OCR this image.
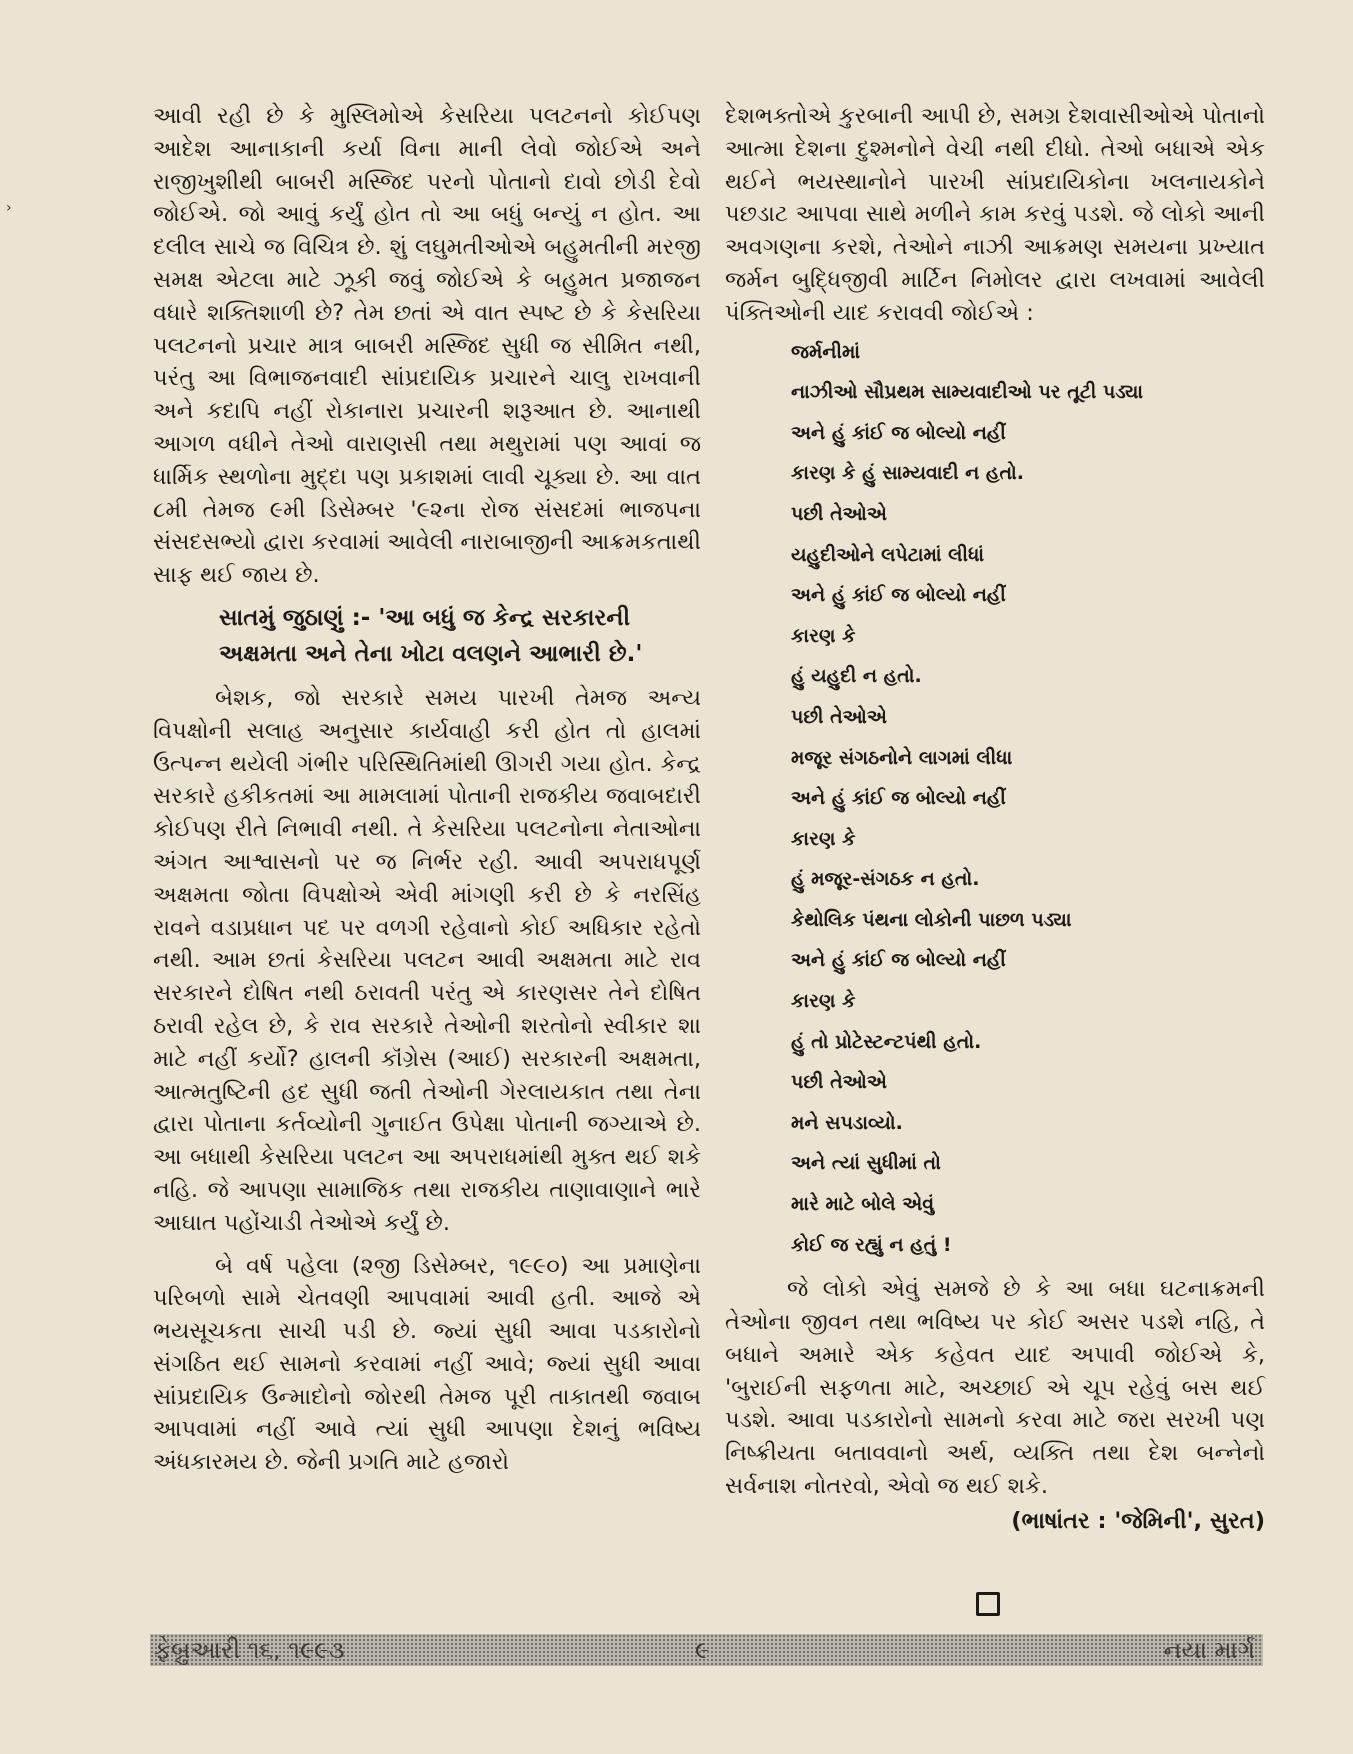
›

આવી રહી છે કે મુસ્લિમોએ કેસરિયા પલટનનો કોઈપણ આદેશ આનાકાની કર્યા વિના માની લેવો જોઈએ અને રાજીખુશીથી બાબરી મસ્જિદ પરનો પોતાનો દાવો છોડી દેવો જોઈએ. જો આવું કર્યું હોત તો આ બધું બન્યું ન હોત. આ દલીલ સાચે જ વિચિત્ર છે. શું લઘુમતીઓએ બહુમતીની મરજી સમક્ષ એટલા માટે ઝૂકી જવું જોઈએ કે બહુમત પ્રજાજન વધારે શક્તિશાળી છે? તેમ છતાં એ વાત સ્પષ્ટ છે કે કેસરિયા પલટનનો પ્રચાર માત્ર બાબરી મસ્જિદ સુધી જ સીમિત નથી, પરંતુ આ વિભાજનવાદી સાંપ્રદાયિક પ્રચારને ચાલુ રાખવાની અને કદાપિ નહીં રોકાનારા પ્રચારની શરૂઆત છે. આનાથી આગળ વધીને તેઓ વારાણસી તથા મથુરામાં પણ આવાં જ ધાર્મિક સ્થળોના મુદ્દા પણ પ્રકાશમાં લાવી ચૂક્યા છે. આ વાત ૮મી તેમજ ૯મી ડિસેમ્બર '૯૨ના રોજ સંસદમાં ભાજપના સંસદસભ્યો દ્વારા કરવામાં આવેલી નારાબાજીની આક્રમકતાથી સાફ થઈ જાય છે.

સાતમું જુઠાણું :- 'આ બધું જ કેન્દ્ર સરકારની
અક્ષમતા અને તેના ખોટા વલણને આભારી છે.'

બેશક, જો સરકારે સમય પારખી તેમજ અન્ય વિપક્ષોની સલાહ અનુસાર કાર્યવાહી કરી હોત તો હાલમાં ઉત્પન્ન થયેલી ગંભીર પરિસ્થિતિમાંથી ઊગરી ગયા હોત. કેન્દ્ર સરકારે હકીકતમાં આ મામલામાં પોતાની રાજકીય જવાબદારી કોઈપણ રીતે નિભાવી નથી. તે કેસરિયા પલટનોના નેતાઓના અંગત આશ્વાસનો પર જ નિર્ભર રહી. આવી અપરાધપૂર્ણ અક્ષમતા જોતા વિપક્ષોએ એવી માંગણી કરી છે કે નરસિંહ રાવને વડાપ્રધાન પદ પર વળગી રહેવાનો કોઈ અધિકાર રહેતો નથી. આમ છતાં કેસરિયા પલટન આવી અક્ષમતા માટે રાવ સરકારને દોષિત નથી ઠરાવતી પરંતુ એ કારણસર તેને દોષિત ઠરાવી રહેલ છે, કે રાવ સરકારે તેઓની શરતોનો સ્વીકાર શા માટે નહીં કર્યો? હાલની કૉંગ્રેસ (આઈ) સરકારની અક્ષમતા, આત્મતુષ્ટિની હદ સુધી જતી તેઓની ગેરલાયકાત તથા તેના દ્વારા પોતાના કર્તવ્યોની ગુનાઈત ઉપેક્ષા પોતાની જગ્યાએ છે. આ બધાથી કેસરિયા પલટન આ અપરાધમાંથી મુક્ત થઈ શકે નહિ. જે આપણા સામાજિક તથા રાજકીય તાણાવાણાને ભારે આઘાત પહોંચાડી તેઓએ કર્યું છે.

બે વર્ષ પહેલા (૨જી ડિસેમ્બર, ૧૯૯૦) આ પ્રમાણેના પરિબળો સામે ચેતવણી આપવામાં આવી હતી. આજે એ ભયસૂચકતા સાચી પડી છે. જ્યાં સુધી આવા પડકારોનો સંગઠિત થઈ સામનો કરવામાં નહીં આવે; જ્યાં સુધી આવા સાંપ્રદાયિક ઉન્માદોનો જોરથી તેમજ પૂરી તાકાતથી જવાબ આપવામાં નહીં આવે ત્યાં સુધી આપણા દેશનું ભવિષ્ય અંધકારમય છે. જેની પ્રગતિ માટે હજારો

દેશભક્તોએ કુરબાની આપી છે, સમગ્ર દેશવાસીઓએ પોતાનો આત્મા દેશના દુશ્મનોને વેચી નથી દીધો. તેઓ બધાએ એક થઈને ભયસ્થાનોને પારખી સાંપ્રદાયિકોના ખલનાયકોને પછડાટ આપવા સાથે મળીને કામ કરવું પડશે. જે લોકો આની અવગણના કરશે, તેઓને નાઝી આક્રમણ સમયના પ્રખ્યાત જર્મન બુદ્ધિજીવી માર્ટિન નિમોલર દ્વારા લખવામાં આવેલી પંક્તિઓની યાદ કરાવવી જોઈએ :

જર્મનીમાં
નાઝીઓ સૌપ્રથમ સામ્યવાદીઓ પર તૂટી પડ્યા
અને હું કાંઈ જ બોલ્યો નહીં
કારણ કે હું સામ્યવાદી ન હતો.
પછી તેઓએ
યહુદીઓને લપેટામાં લીધાં
અને હું કાંઈ જ બોલ્યો નહીં
કારણ કે
હું યહુદી ન હતો.
પછી તેઓએ
મજૂર સંગઠનોને લાગમાં લીધા
અને હું કાંઈ જ બોલ્યો નહીં
કારણ કે
હું મજૂર-સંગઠક ન હતો.
કેથોલિક પંથના લોકોની પાછળ પડ્યા
અને હું કાંઈ જ બોલ્યો નહીં
કારણ કે
હું તો પ્રોટેસ્ટન્ટપંથી હતો.
પછી તેઓએ
મને સપડાવ્યો.
અને ત્યાં સુધીમાં તો
મારે માટે બોલે એવું
કોઈ જ રહ્યું ન હતું !

જે લોકો એવું સમજે છે કે આ બધા ઘટનાક્રમની તેઓના જીવન તથા ભવિષ્ય પર કોઈ અસર પડશે નહિ, તે બધાને અમારે એક કહેવત યાદ અપાવી જોઈએ કે, 'બુરાઈની સફળતા માટે, અચ્છાઈ એ ચૂપ રહેવું બસ થઈ પડશે. આવા પડકારોનો સામનો કરવા માટે જરા સરખી પણ નિષ્ક્રીયતા બતાવવાનો અર્થ, વ્યક્તિ તથા દેશ બન્નેનો સર્વનાશ નોતરવો, એવો જ થઈ શકે.

(ભાષાંતર : 'જેમિની', સુરત)

ફેબ્રુઆરી ૧૬, ૧૯૯૩	૯	નયા માર્ગ
